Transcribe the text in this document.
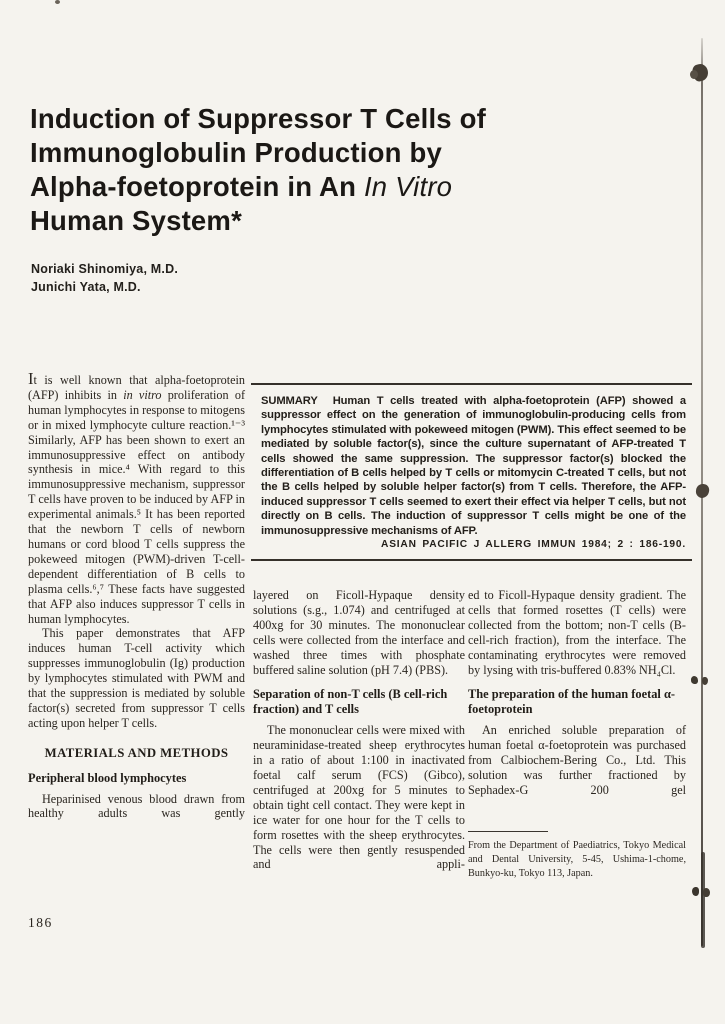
Induction of Suppressor T Cells of
Immunoglobulin Production by
Alpha-foetoprotein in An In Vitro
Human System*
Noriaki Shinomiya, M.D.
Junichi Yata, M.D.

It is well known that alpha-foetoprotein (AFP) inhibits in in vitro proliferation of human lymphocytes in response to mitogens or in mixed lymphocyte culture reaction.¹⁻³ Similarly, AFP has been shown to exert an immunosuppressive effect on antibody synthesis in mice.⁴ With regard to this immunosuppressive mechanism, suppressor T cells have proven to be induced by AFP in experimental animals.⁵ It has been reported that the newborn T cells of newborn humans or cord blood T cells suppress the pokeweed mitogen (PWM)-driven T-cell-dependent differentiation of B cells to plasma cells.⁶,⁷ These facts have suggested that AFP also induces suppressor T cells in human lymphocytes.

This paper demonstrates that AFP induces human T-cell activity which suppresses immunoglobulin (Ig) production by lymphocytes stimulated with PWM and that the suppression is mediated by soluble factor(s) secreted from suppressor T cells acting upon helper T cells.

MATERIALS AND METHODS

Peripheral blood lymphocytes

Heparinised venous blood drawn from healthy adults was gently

SUMMARY Human T cells treated with alpha-foetoprotein (AFP) showed a suppressor effect on the generation of immunoglobulin-producing cells from lymphocytes stimulated with pokeweed mitogen (PWM). This effect seemed to be mediated by soluble factor(s), since the culture supernatant of AFP-treated T cells showed the same suppression. The suppressor factor(s) blocked the differentiation of B cells helped by T cells or mitomycin C-treated T cells, but not the B cells helped by soluble helper factor(s) from T cells. Therefore, the AFP-induced suppressor T cells seemed to exert their effect via helper T cells, but not directly on B cells. The induction of suppressor T cells might be one of the immunosuppressive mechanisms of AFP.

ASIAN PACIFIC J ALLERG IMMUN 1984; 2 : 186-190.

layered on Ficoll-Hypaque density solutions (s.g., 1.074) and centrifuged at 400xg for 30 minutes. The mononuclear cells were collected from the interface and washed three times with phosphate buffered saline solution (pH 7.4) (PBS).

Separation of non-T cells (B cell-rich fraction) and T cells

The mononuclear cells were mixed with neuraminidase-treated sheep erythrocytes in a ratio of about 1:100 in inactivated foetal calf serum (FCS) (Gibco), centrifuged at 200xg for 5 minutes to obtain tight cell contact. They were kept in ice water for one hour for the T cells to form rosettes with the sheep erythrocytes. The cells were then gently resuspended and appli-

ed to Ficoll-Hypaque density gradient. The cells that formed rosettes (T cells) were collected from the bottom; non-T cells (B-cell-rich fraction), from the interface. The contaminating erythrocytes were removed by lysing with tris-buffered 0.83% NH₄Cl.

The preparation of the human foetal α-foetoprotein

An enriched soluble preparation of human foetal α-foetoprotein was purchased from Calbiochem-Bering Co., Ltd. This solution was further fractioned by Sephadex-G 200 gel

From the Department of Paediatrics, Tokyo Medical and Dental University, 5-45, Ushima-1-chome, Bunkyo-ku, Tokyo 113, Japan.

186
